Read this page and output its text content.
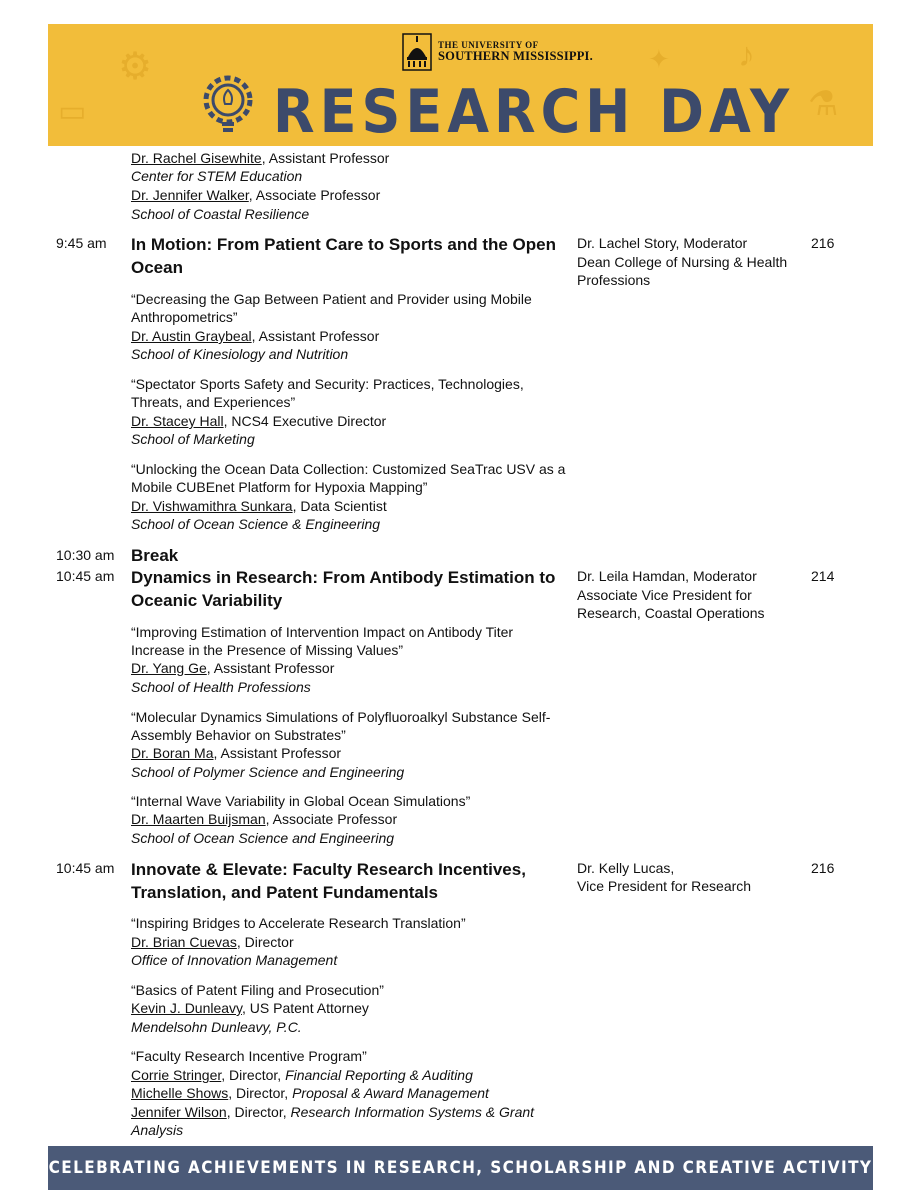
⚙
▭
♪
⚗
✦
THE UNIVERSITY OF
SOUTHERN MISSISSIPPI.
RESEARCH DAY
Dr. Rachel Gisewhite, Assistant Professor
Center for STEM Education
Dr. Jennifer Walker, Associate Professor
School of Coastal Resilience
9:45 am In Motion: From Patient Care to Sports and the Open
Ocean
Dr. Lachel Story, Moderator
Dean College of Nursing & Health
Professions
216
“Decreasing the Gap Between Patient and Provider using Mobile
Anthropometrics”
Dr. Austin Graybeal, Assistant Professor
School of Kinesiology and Nutrition
“Spectator Sports Safety and Security: Practices, Technologies,
Threats, and Experiences”
Dr. Stacey Hall, NCS4 Executive Director
School of Marketing
“Unlocking the Ocean Data Collection: Customized SeaTrac USV as a
Mobile CUBEnet Platform for Hypoxia Mapping”
Dr. Vishwamithra Sunkara, Data Scientist
School of Ocean Science & Engineering
10:30 am Break
10:45 am Dynamics in Research: From Antibody Estimation to
Oceanic Variability
Dr. Leila Hamdan, Moderator
Associate Vice President for
Research, Coastal Operations
214
“Improving Estimation of Intervention Impact on Antibody Titer
Increase in the Presence of Missing Values”
Dr. Yang Ge, Assistant Professor
School of Health Professions
“Molecular Dynamics Simulations of Polyfluoroalkyl Substance Self-
Assembly Behavior on Substrates”
Dr. Boran Ma, Assistant Professor
School of Polymer Science and Engineering
“Internal Wave Variability in Global Ocean Simulations”
Dr. Maarten Buijsman, Associate Professor
School of Ocean Science and Engineering
10:45 am Innovate & Elevate: Faculty Research Incentives,
Translation, and Patent Fundamentals
Dr. Kelly Lucas,
Vice President for Research
216
“Inspiring Bridges to Accelerate Research Translation”
Dr. Brian Cuevas, Director
Office of Innovation Management
“Basics of Patent Filing and Prosecution”
Kevin J. Dunleavy, US Patent Attorney
Mendelsohn Dunleavy, P.C.
“Faculty Research Incentive Program”
Corrie Stringer, Director, Financial Reporting & Auditing
Michelle Shows, Director, Proposal & Award Management
Jennifer Wilson, Director, Research Information Systems & Grant
Analysis
CELEBRATING ACHIEVEMENTS IN RESEARCH, SCHOLARSHIP AND CREATIVE ACTIVITY
